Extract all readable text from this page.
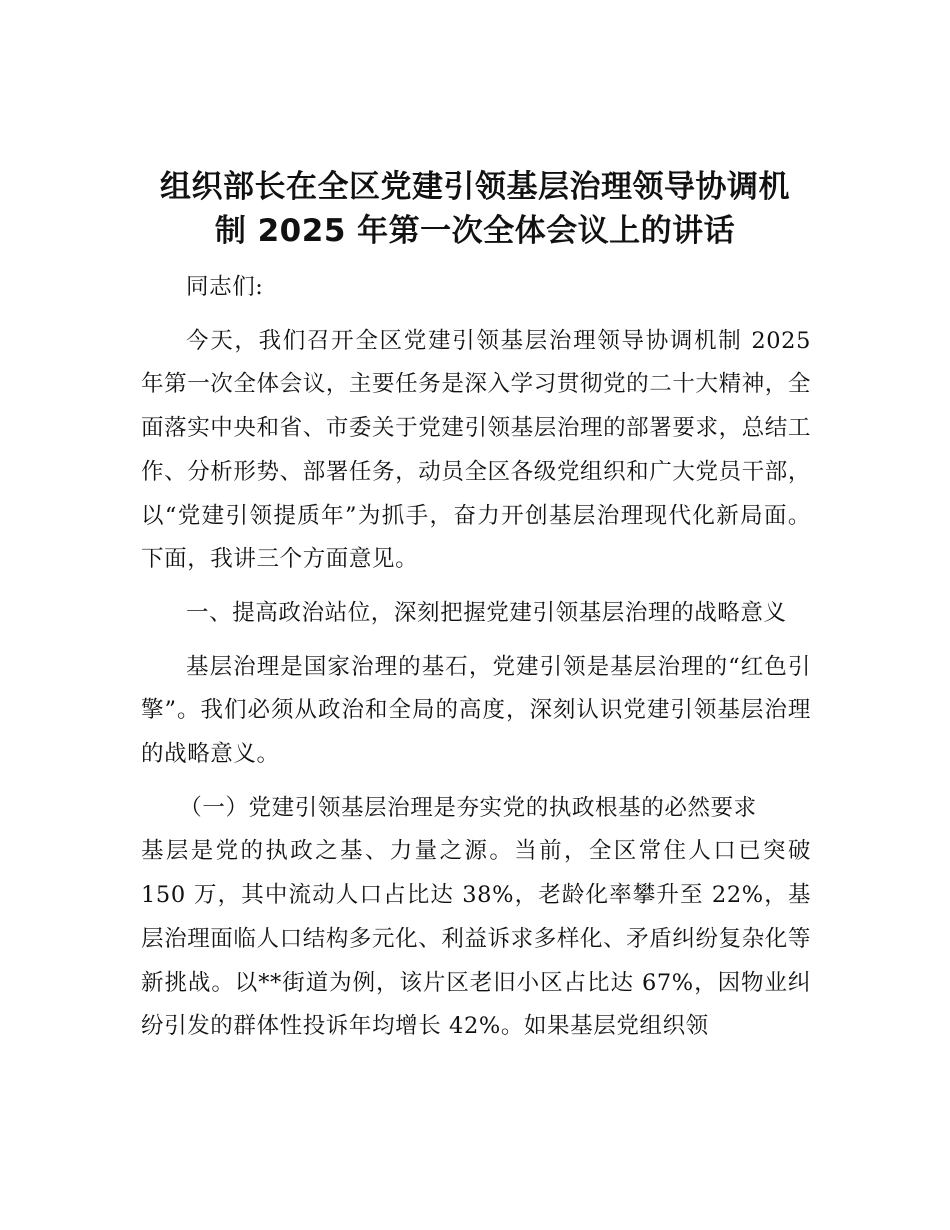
组织部长在全区党建引领基层治理领导协调机
制 2025 年第一次全体会议上的讲话

同志们:

今天，我们召开全区党建引领基层治理领导协调机制 2025 年第一次全体会议，主要任务是深入学习贯彻党的二十大精神，全面落实中央和省、市委关于党建引领基层治理的部署要求，总结工作、分析形势、部署任务，动员全区各级党组织和广大党员干部，以“党建引领提质年”为抓手，奋力开创基层治理现代化新局面。下面，我讲三个方面意见。

一、提高政治站位，深刻把握党建引领基层治理的战略意义

基层治理是国家治理的基石，党建引领是基层治理的“红色引擎”。我们必须从政治和全局的高度，深刻认识党建引领基层治理的战略意义。

（一）党建引领基层治理是夯实党的执政根基的必然要求

基层是党的执政之基、力量之源。当前，全区常住人口已突破 150 万，其中流动人口占比达 38%，老龄化率攀升至 22%，基层治理面临人口结构多元化、利益诉求多样化、矛盾纠纷复杂化等新挑战。以**街道为例，该片区老旧小区占比达 67%，因物业纠纷引发的群体性投诉年均增长 42%。如果基层党组织领
